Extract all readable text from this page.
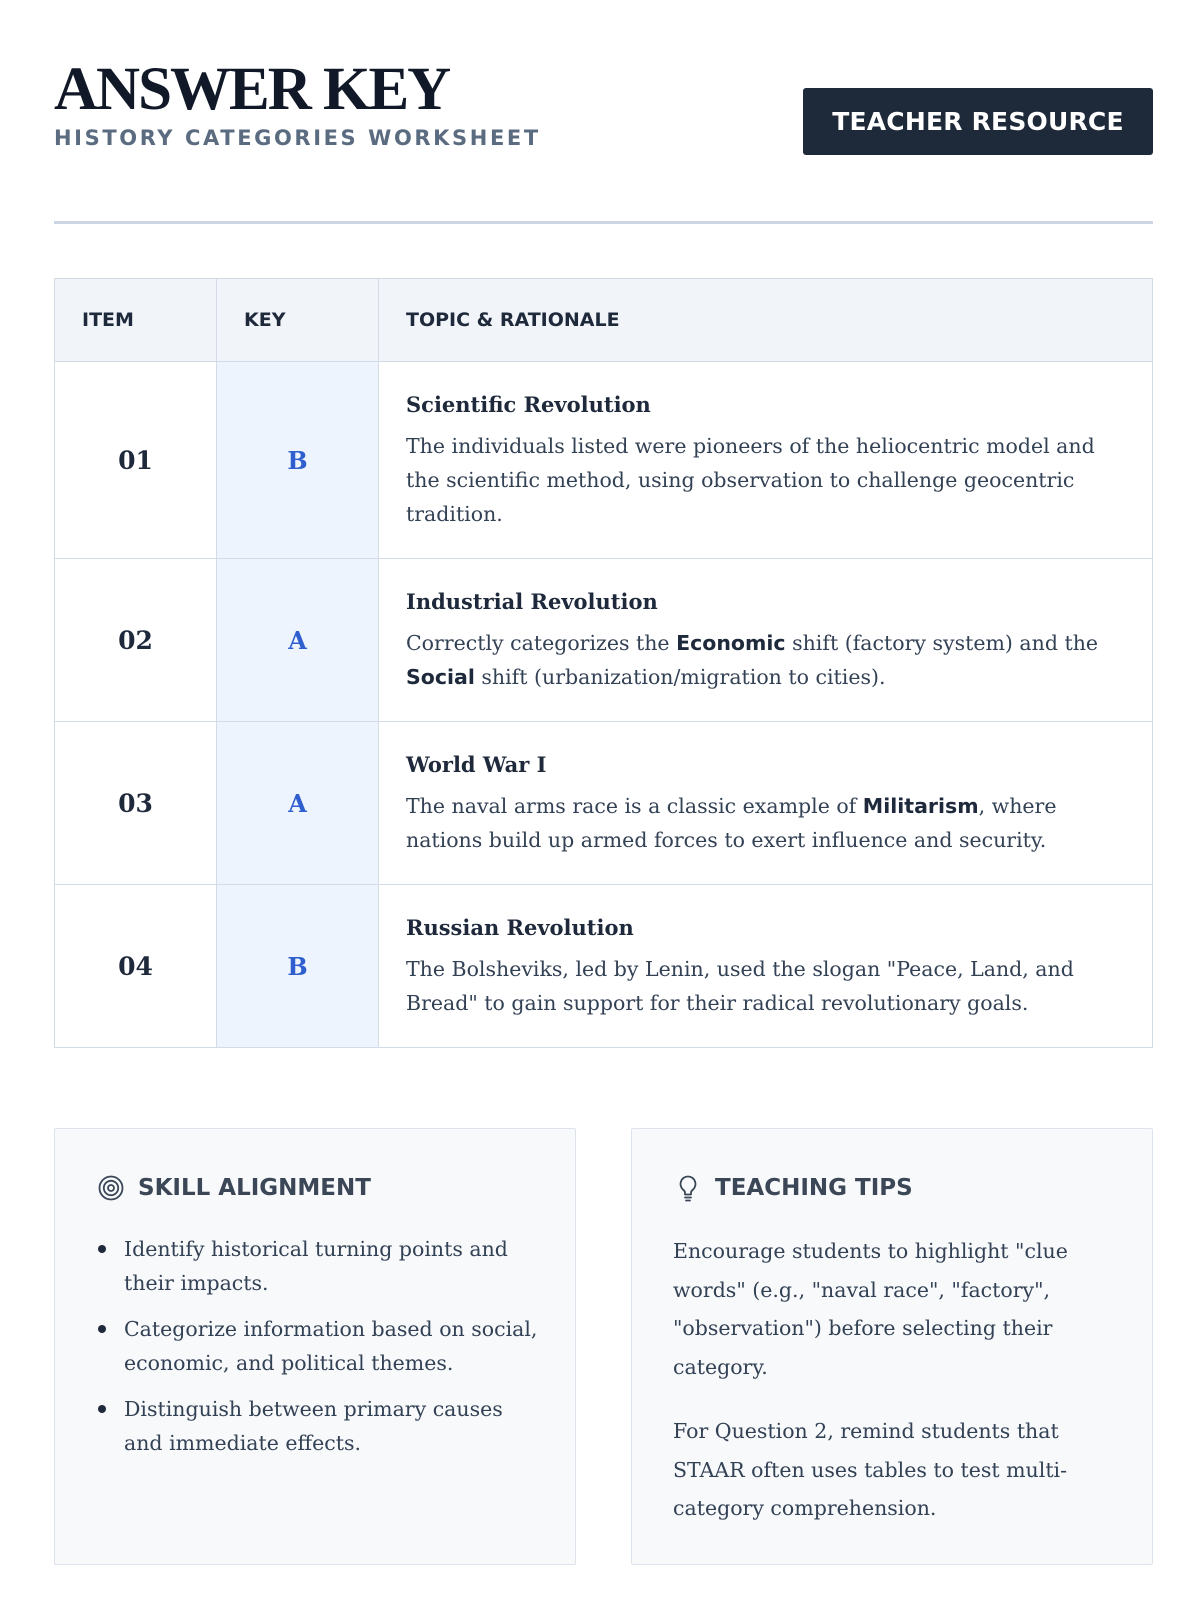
ANSWER KEY
HISTORY CATEGORIES WORKSHEET
TEACHER RESOURCE
ITEM	KEY	TOPIC & RATIONALE
01	B	Scientific Revolution
The individuals listed were pioneers of the heliocentric model and the scientific method, using observation to challenge geocentric tradition.

02	A	Industrial Revolution
Correctly categorizes the Economic shift (factory system) and the Social shift (urbanization/migration to cities).

03	A	World War I
The naval arms race is a classic example of Militarism, where nations build up armed forces to exert influence and security.

04	B	Russian Revolution
The Bolsheviks, led by Lenin, used the slogan "Peace, Land, and Bread" to gain support for their radical revolutionary goals.
SKILL ALIGNMENT
Identify historical turning points and their impacts.
Categorize information based on social, economic, and political themes.
Distinguish between primary causes and immediate effects.
TEACHING TIPS

Encourage students to highlight "clue words" (e.g., "naval race", "factory", "observation") before selecting their category.

For Question 2, remind students that STAAR often uses tables to test multi-category comprehension.
